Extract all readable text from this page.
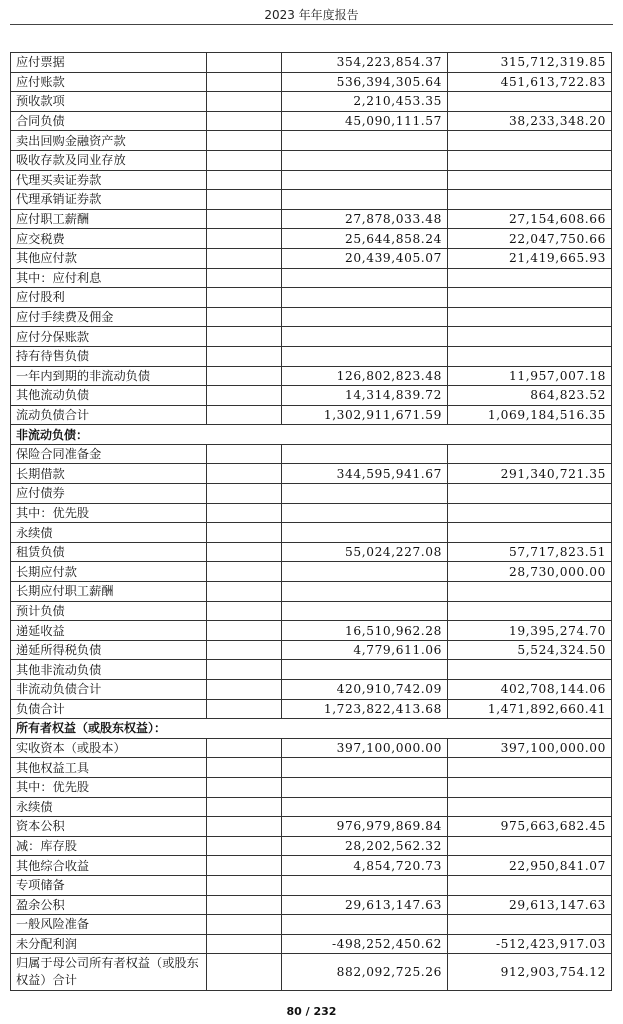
2023 年年度报告
应付票据		354,223,854.37	315,712,319.85
应付账款		536,394,305.64	451,613,722.83
预收款项		2,210,453.35	
合同负债		45,090,111.57	38,233,348.20
卖出回购金融资产款			
吸收存款及同业存放			
代理买卖证券款			
代理承销证券款			
应付职工薪酬		27,878,033.48	27,154,608.66
应交税费		25,644,858.24	22,047,750.66
其他应付款		20,439,405.07	21,419,665.93
其中：应付利息			
应付股利			
应付手续费及佣金			
应付分保账款			
持有待售负债			
一年内到期的非流动负债		126,802,823.48	11,957,007.18
其他流动负债		14,314,839.72	864,823.52
流动负债合计		1,302,911,671.59	1,069,184,516.35
非流动负债：			
保险合同准备金			
长期借款		344,595,941.67	291,340,721.35
应付债券			
其中：优先股			
永续债			
租赁负债		55,024,227.08	57,717,823.51
长期应付款			28,730,000.00
长期应付职工薪酬			
预计负债			
递延收益		16,510,962.28	19,395,274.70
递延所得税负债		4,779,611.06	5,524,324.50
其他非流动负债			
非流动负债合计		420,910,742.09	402,708,144.06
负债合计		1,723,822,413.68	1,471,892,660.41
所有者权益（或股东权益）：			
实收资本（或股本）		397,100,000.00	397,100,000.00
其他权益工具			
其中：优先股			
永续债			
资本公积		976,979,869.84	975,663,682.45
减：库存股		28,202,562.32	
其他综合收益		4,854,720.73	22,950,841.07
专项储备			
盈余公积		29,613,147.63	29,613,147.63
一般风险准备			
未分配利润		-498,252,450.62	-512,423,917.03
归属于母公司所有者权益（或股东权益）合计		882,092,725.26	912,903,754.12
80 / 232
